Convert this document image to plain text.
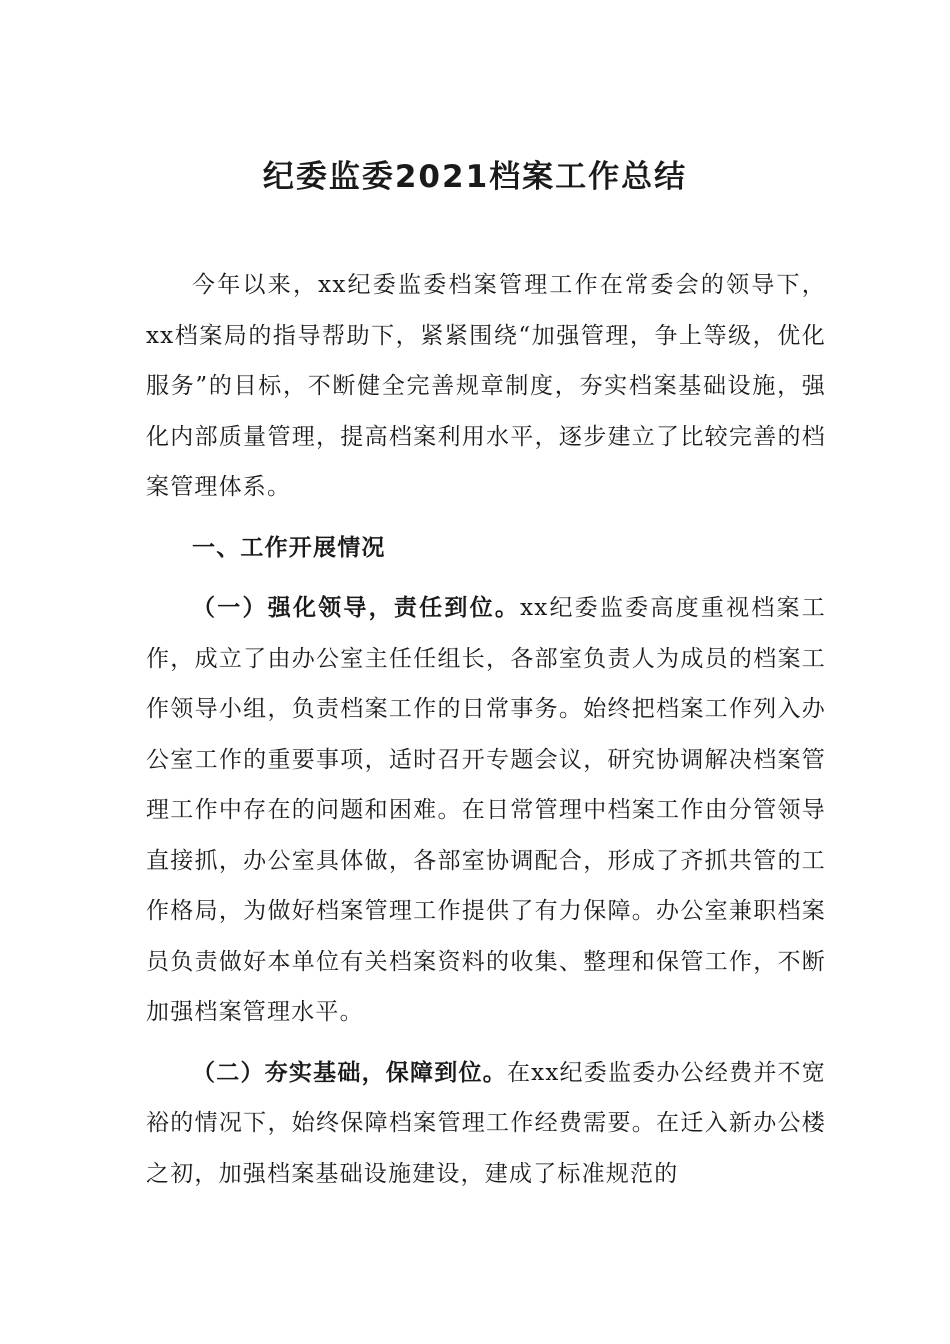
纪委监委2021档案工作总结

今年以来，xx纪委监委档案管理工作在常委会的领导下，xx档案局的指导帮助下，紧紧围绕“加强管理，争上等级，优化服务”的目标，不断健全完善规章制度，夯实档案基础设施，强化内部质量管理，提高档案利用水平，逐步建立了比较完善的档案管理体系。

一、工作开展情况

（一）强化领导，责任到位。xx纪委监委高度重视档案工作，成立了由办公室主任任组长，各部室负责人为成员的档案工作领导小组，负责档案工作的日常事务。始终把档案工作列入办公室工作的重要事项，适时召开专题会议，研究协调解决档案管理工作中存在的问题和困难。在日常管理中档案工作由分管领导直接抓，办公室具体做，各部室协调配合，形成了齐抓共管的工作格局，为做好档案管理工作提供了有力保障。办公室兼职档案员负责做好本单位有关档案资料的收集、整理和保管工作，不断加强档案管理水平。

（二）夯实基础，保障到位。在xx纪委监委办公经费并不宽裕的情况下，始终保障档案管理工作经费需要。在迁入新办公楼之初，加强档案基础设施建设，建成了标准规范的
